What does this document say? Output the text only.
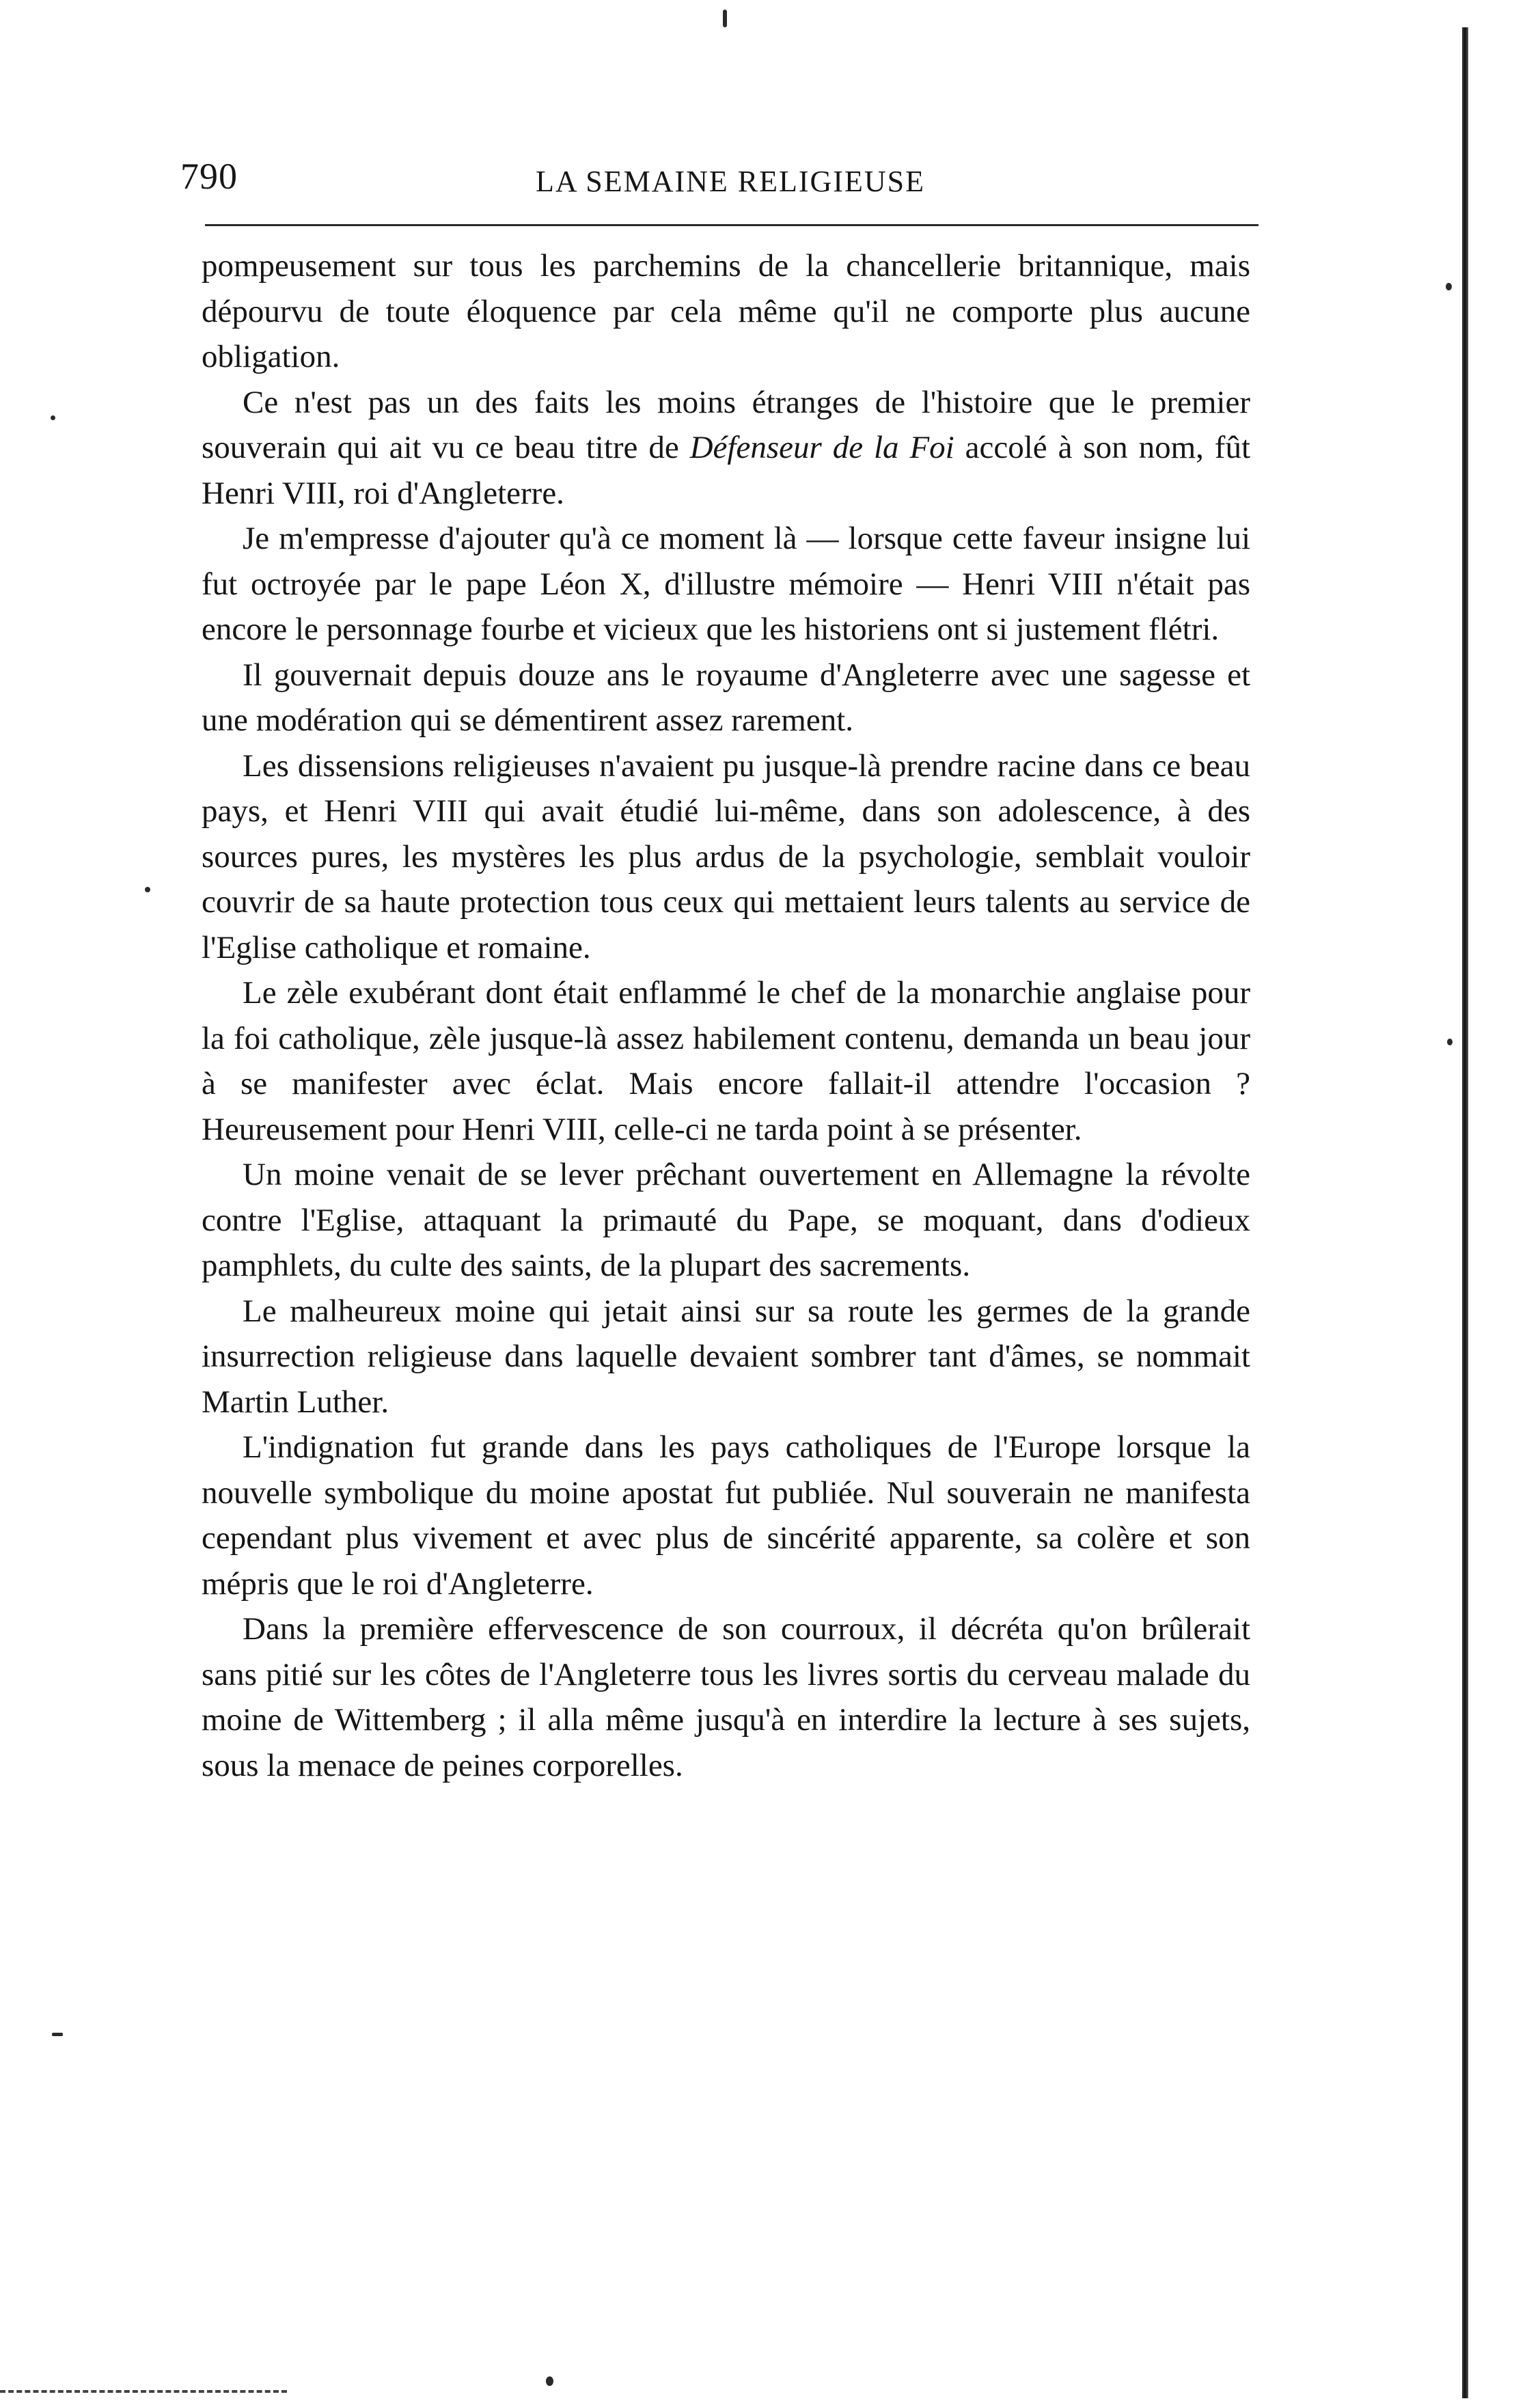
790	LA SEMAINE RELIGIEUSE

pompeusement sur tous les parchemins de la chancellerie britannique, mais dépourvu de toute éloquence par cela même qu'il ne comporte plus aucune obligation.

Ce n'est pas un des faits les moins étranges de l'histoire que le premier souverain qui ait vu ce beau titre de Défenseur de la Foi accolé à son nom, fût Henri VIII, roi d'Angleterre.

Je m'empresse d'ajouter qu'à ce moment là — lorsque cette faveur insigne lui fut octroyée par le pape Léon X, d'illustre mémoire — Henri VIII n'était pas encore le personnage fourbe et vicieux que les historiens ont si justement flétri.

Il gouvernait depuis douze ans le royaume d'Angleterre avec une sagesse et une modération qui se démentirent assez rarement.

Les dissensions religieuses n'avaient pu jusque-là prendre racine dans ce beau pays, et Henri VIII qui avait étudié lui-même, dans son adolescence, à des sources pures, les mystères les plus ardus de la psychologie, semblait vouloir couvrir de sa haute protection tous ceux qui mettaient leurs talents au service de l'Eglise catholique et romaine.

Le zèle exubérant dont était enflammé le chef de la monarchie anglaise pour la foi catholique, zèle jusque-là assez habilement contenu, demanda un beau jour à se manifester avec éclat. Mais encore fallait-il attendre l'occasion ? Heureusement pour Henri VIII, celle-ci ne tarda point à se présenter.

Un moine venait de se lever prêchant ouvertement en Allemagne la révolte contre l'Eglise, attaquant la primauté du Pape, se moquant, dans d'odieux pamphlets, du culte des saints, de la plupart des sacrements.

Le malheureux moine qui jetait ainsi sur sa route les germes de la grande insurrection religieuse dans laquelle devaient sombrer tant d'âmes, se nommait Martin Luther.

L'indignation fut grande dans les pays catholiques de l'Europe lorsque la nouvelle symbolique du moine apostat fut publiée. Nul souverain ne manifesta cependant plus vivement et avec plus de sincérité apparente, sa colère et son mépris que le roi d'Angleterre.

Dans la première effervescence de son courroux, il décréta qu'on brûlerait sans pitié sur les côtes de l'Angleterre tous les livres sortis du cerveau malade du moine de Wittemberg ; il alla même jusqu'à en interdire la lecture à ses sujets, sous la menace de peines corporelles.
